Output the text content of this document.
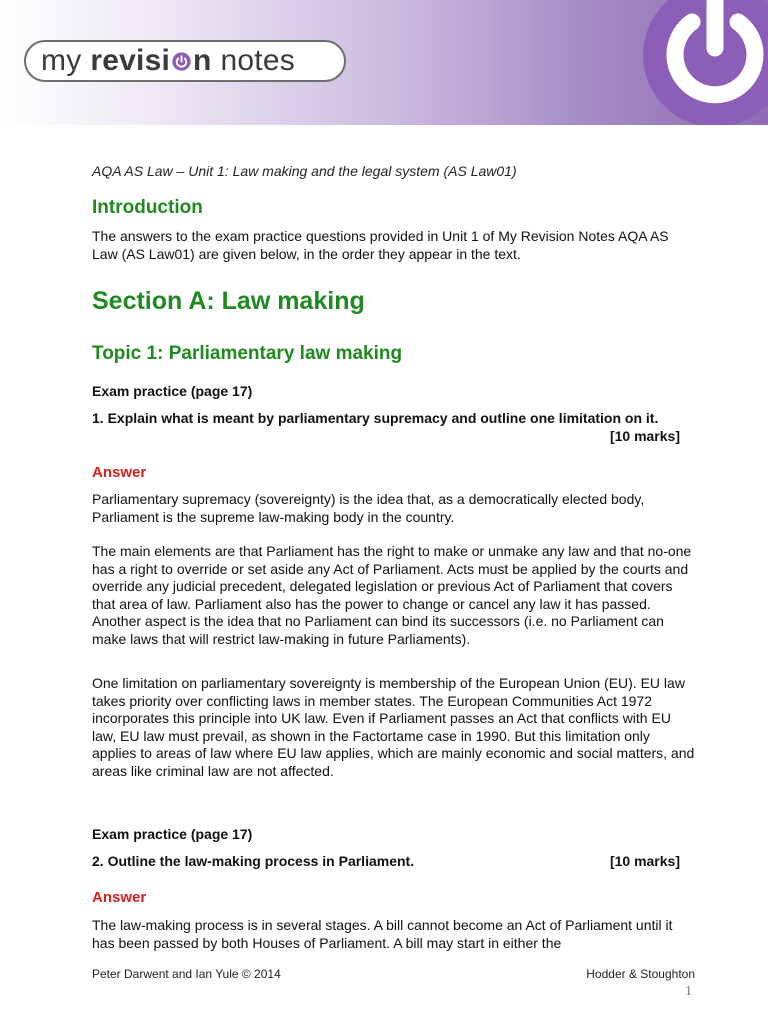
my revisi n notes
AQA AS Law – Unit 1: Law making and the legal system (AS Law01)
Introduction

The answers to the exam practice questions provided in Unit 1 of My Revision Notes AQA AS Law (AS Law01) are given below, in the order they appear in the text.

Section A: Law making
Topic 1: Parliamentary law making
Exam practice (page 17)
1. Explain what is meant by parliamentary supremacy and outline one limitation on it.
[10 marks]
Answer

Parliamentary supremacy (sovereignty) is the idea that, as a democratically elected body, Parliament is the supreme law-making body in the country.

The main elements are that Parliament has the right to make or unmake any law and that no-one has a right to override or set aside any Act of Parliament. Acts must be applied by the courts and override any judicial precedent, delegated legislation or previous Act of Parliament that covers that area of law. Parliament also has the power to change or cancel any law it has passed. Another aspect is the idea that no Parliament can bind its successors (i.e. no Parliament can make laws that will restrict law-making in future Parliaments).

One limitation on parliamentary sovereignty is membership of the European Union (EU). EU law takes priority over conflicting laws in member states. The European Communities Act 1972 incorporates this principle into UK law. Even if Parliament passes an Act that conflicts with EU law, EU law must prevail, as shown in the Factortame case in 1990. But this limitation only applies to areas of law where EU law applies, which are mainly economic and social matters, and areas like criminal law are not affected.

Exam practice (page 17)
2. Outline the law-making process in Parliament.	[10 marks]
Answer

The law-making process is in several stages. A bill cannot become an Act of Parliament until it has been passed by both Houses of Parliament. A bill may start in either the

Peter Darwent and Ian Yule © 2014	Hodder & Stoughton
1
